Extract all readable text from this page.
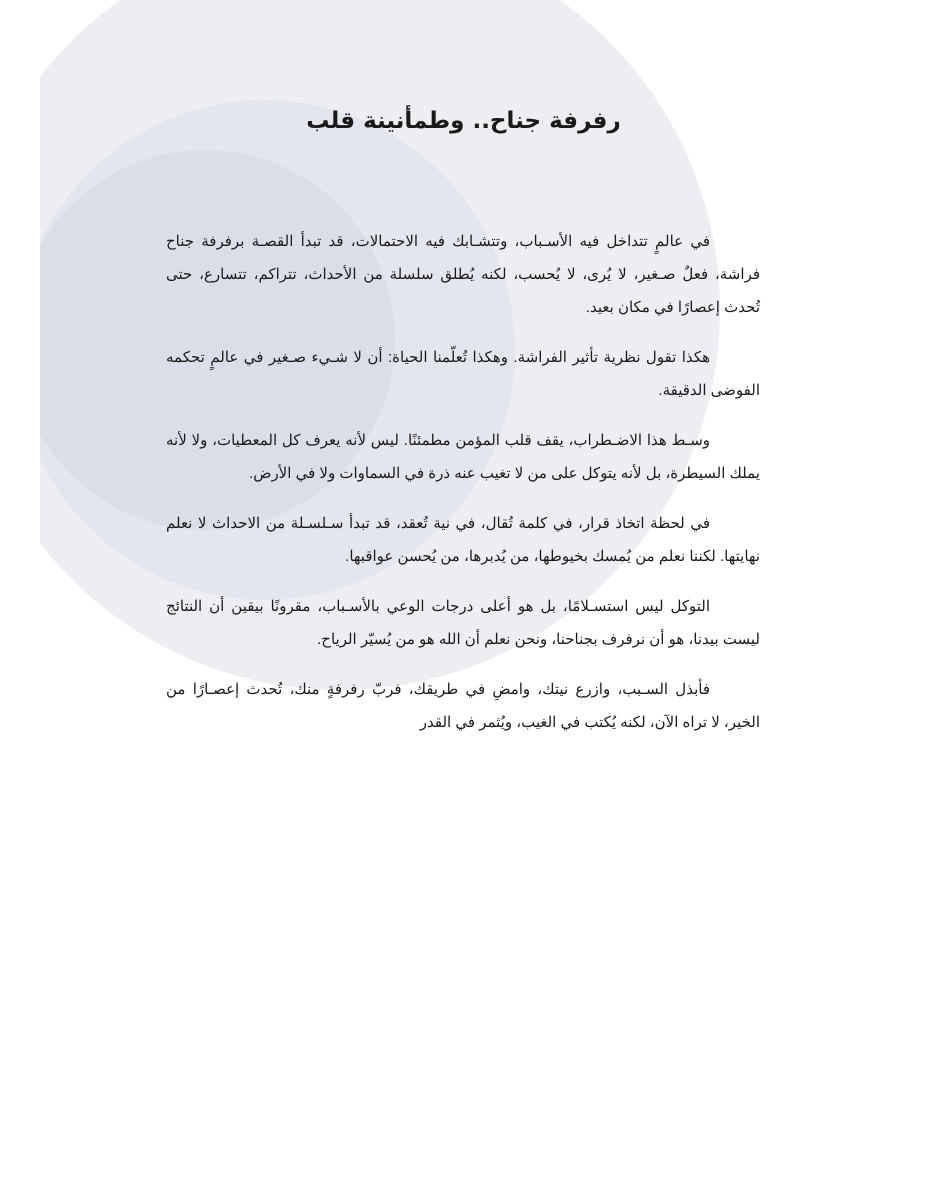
رفرفة جناح.. وطمأنينة قلب

في عالمٍ تتداخل فيه الأسـباب، وتتشـابك فيه الاحتمالات، قد تبدأ القصـة برفرفة جناح فراشة، فعلٌ صـغير، لا يُرى، لا يُحسب، لكنه يُطلق سلسلة من الأحداث، تتراكم، تتسارع، حتى تُحدث إعصارًا في مكان بعيد.

هكذا تقول نظرية تأثير الفراشة. وهكذا تُعلّمنا الحياة: أن لا شـيء صـغير في عالمٍ تحكمه الفوضى الدقيقة.

وسـط هذا الاضـطراب، يقف قلب المؤمن مطمئنًا. ليس لأنه يعرف كل المعطيات، ولا لأنه يملك السيطرة، بل لأنه يتوكل على من لا تغيب عنه ذرة في السماوات ولا في الأرض.

في لحظة اتخاذ قرار، في كلمة تُقال، في نية تُعقد، قد تبدأ سـلسـلة من الاحداث لا نعلم نهايتها. لكننا نعلم من يُمسك بخيوطها، من يُدبرها، من يُحسن عواقبها.

التوكل ليس استسـلامًا، بل هو أعلى درجات الوعي بالأسـباب، مقرونًا بيقين أن النتائج ليست بيدنا، هو أن نرفرف بجناحنا، ونحن نعلم أن الله هو من يُسيّر الرياح.

فأبذل السـبب، وازرع نيتك، وامضِ في طريقك، فربّ رفرفةٍ منك، تُحدث إعصـارًا من الخير، لا تراه الآن، لكنه يُكتب في الغيب، ويُثمر في القدر
